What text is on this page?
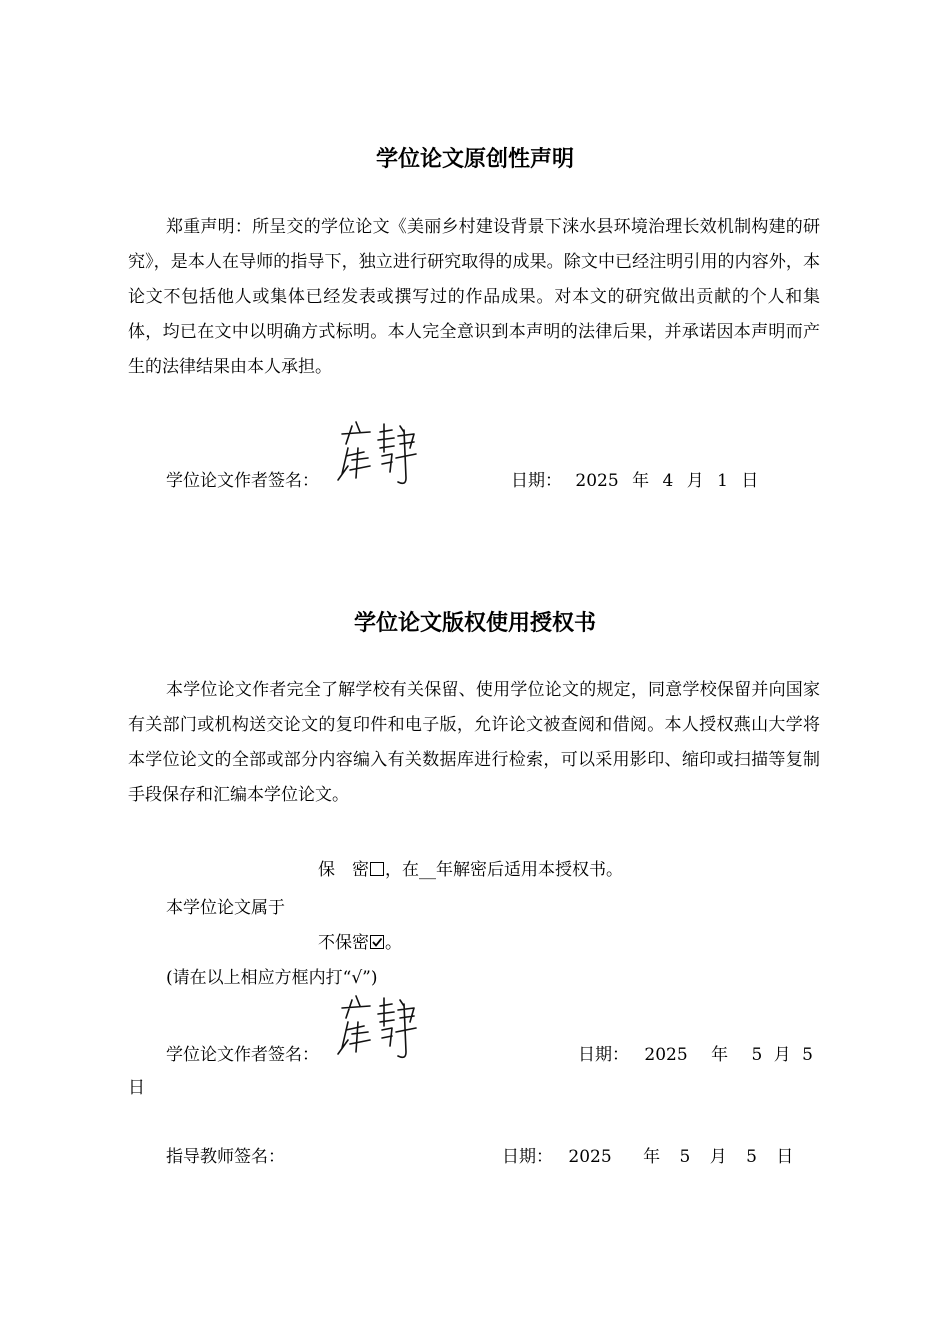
学位论文原创性声明
郑重声明：所呈交的学位论文《美丽乡村建设背景下涞水县环境治理长效机制构建的研究》，是本人在导师的指导下，独立进行研究取得的成果。除文中已经注明引用的内容外，本论文不包括他人或集体已经发表或撰写过的作品成果。对本文的研究做出贡献的个人和集体，均已在文中以明确方式标明。本人完全意识到本声明的法律后果，并承诺因本声明而产生的法律结果由本人承担。
学位论文作者签名：	日期： 2025 年 4 月 1 日
学位论文版权使用授权书
本学位论文作者完全了解学校有关保留、使用学位论文的规定，同意学校保留并向国家有关部门或机构送交论文的复印件和电子版，允许论文被查阅和借阅。本人授权燕山大学将本学位论文的全部或部分内容编入有关数据库进行检索，可以采用影印、缩印或扫描等复制手段保存和汇编本学位论文。
保　密 ，在__年解密后适用本授权书。
本学位论文属于
不保密 。
(请在以上相应方框内打“√”)
学位论文作者签名：	日期： 2025 年 5 月 5
日
指导教师签名：	日期： 2025 年 5 月 5 日
